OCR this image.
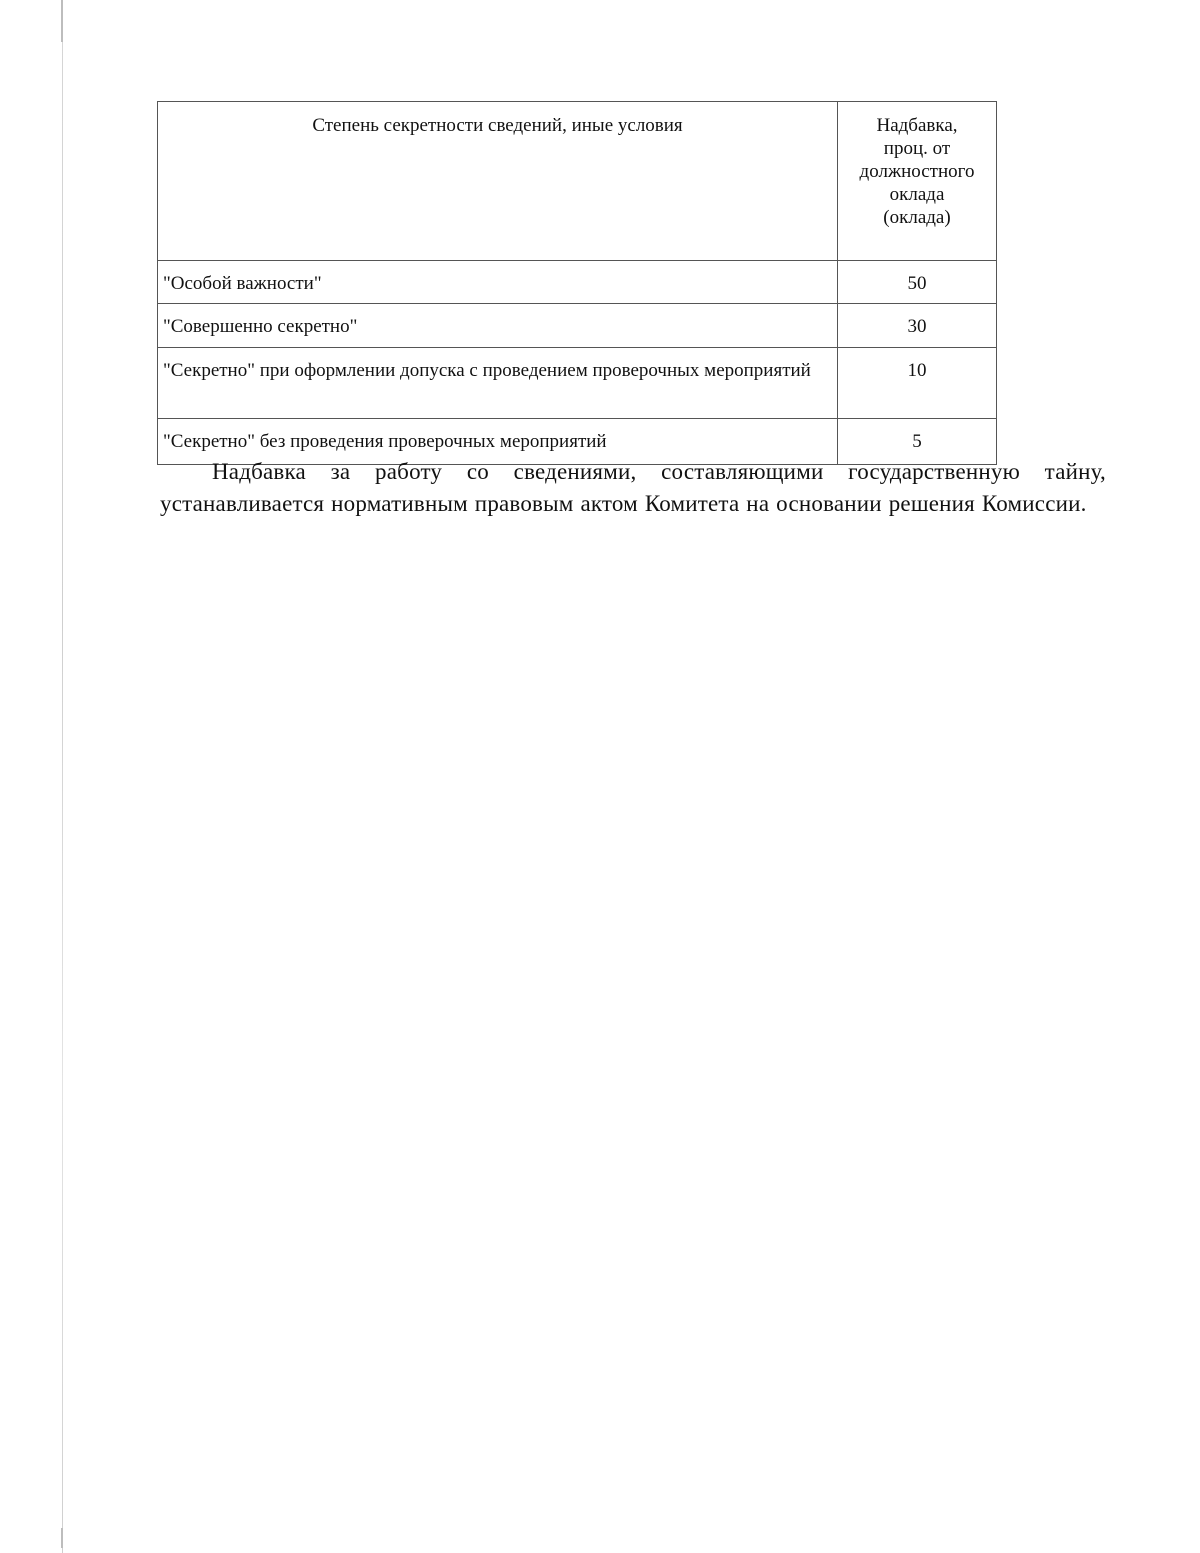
Степень секретности сведений, иные условия	Надбавка, проц. от должностного оклада (оклада)

"Особой важности"	50
"Совершенно секретно"	30
"Секретно" при оформлении допуска с проведением проверочных мероприятий	10
"Секретно" без проведения проверочных мероприятий	5

Надбавка за работу со сведениями, составляющими государственную тайну, устанавливается нормативным правовым актом Комитета на основании решения Комиссии.
